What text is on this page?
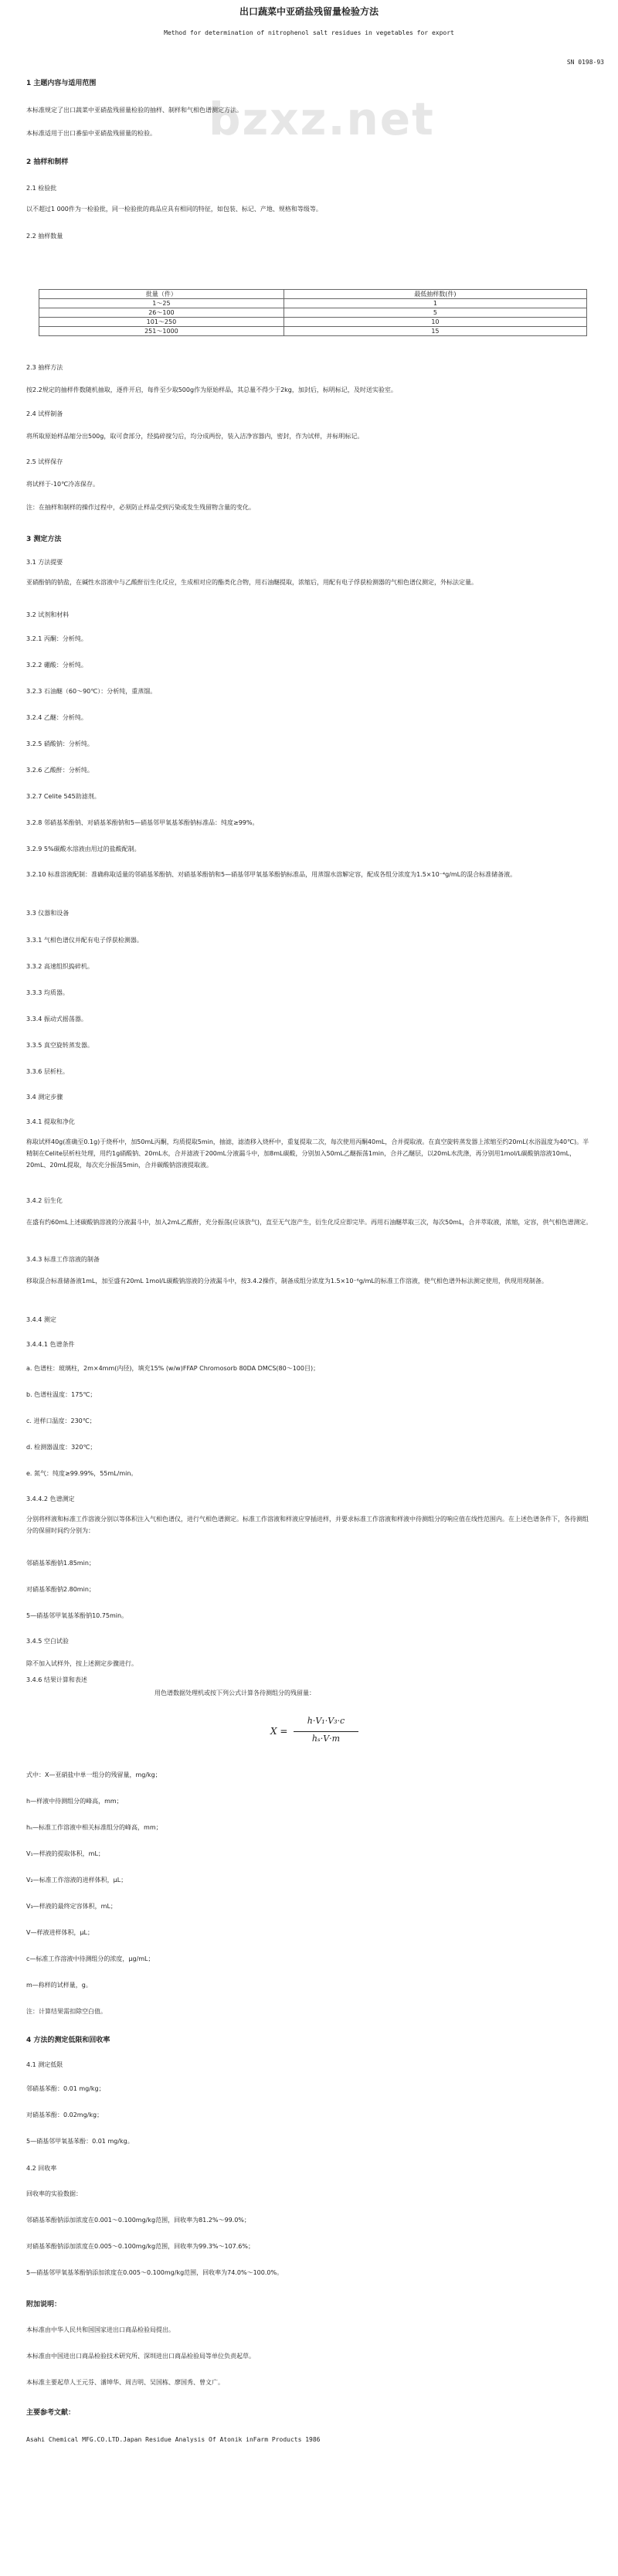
出口蔬菜中亚硝盐残留量检验方法
Method for determination of nitrophenol salt residues in vegetables for export
SN 0198-93
bzxz.net
1 主题内容与适用范围
本标准规定了出口蔬菜中亚硝盐残留量检验的抽样、制样和气相色谱测定方法。
本标准适用于出口番茄中亚硝盐残留量的检验。
2 抽样和制样
2.1 检验批
以不超过1 000件为一检验批，同一检验批的商品应具有相同的特征，如包装、标记、产地、规格和等级等。
2.2 抽样数量
批量（件）	最低抽样数(件)
1～25	1
26～100	5
101～250	10
251～1000	15
2.3 抽样方法
按2.2规定的抽样件数随机抽取，逐件开启，每件至少取500g作为原始样品，其总量不得少于2kg，加封后，标明标记，及时送实验室。
2.4 试样制备
将所取原始样品缩分出500g，取可食部分，经捣碎搅匀后，均分成两份，装入洁净容器内，密封，作为试样，并标明标记。
2.5 试样保存
将试样于-10℃冷冻保存。
注：在抽样和制样的操作过程中，必须防止样品受到污染或发生残留物含量的变化。
3 测定方法
3.1 方法提要
亚硝酚钠的钠盐，在碱性水溶液中与乙酸酐衍生化反应，生成相对应的酯类化合物，用石油醚提取，浓缩后，用配有电子俘获检测器的气相色谱仪测定，外标法定量。
3.2 试剂和材料
3.2.1 丙酮：分析纯。
3.2.2 硼酸：分析纯。
3.2.3 石油醚（60～90℃）：分析纯，重蒸馏。
3.2.4 乙醚：分析纯。
3.2.5 硝酸钠：分析纯。
3.2.6 乙酸酐：分析纯。
3.2.7 Celite 545助滤剂。
3.2.8 邻硝基苯酚钠、对硝基苯酚钠和5—硝基邻甲氧基苯酚钠标准品：纯度≥99%。
3.2.9 5%碳酸水溶液由用过的盐酸配制。
3.2.10 标准溶液配制：准确称取适量的邻硝基苯酚钠、对硝基苯酚钠和5—硝基邻甲氧基苯酚钠标准品，用蒸馏水溶解定容，配成各组分浓度为1.5×10⁻⁴g/mL的混合标准储备液。
3.3 仪器和设备
3.3.1 气相色谱仪并配有电子俘获检测器。
3.3.2 高速组织捣碎机。
3.3.3 均质器。
3.3.4 振动式摇荡器。
3.3.5 真空旋转蒸发器。
3.3.6 层析柱。
3.4 测定步骤
3.4.1 提取和净化
称取试样40g(准确至0.1g)于烧杯中，加50mL丙酮，均质提取5min，抽滤，滤渣移入烧杯中，重复提取二次，每次使用丙酮40mL，合并提取液。在真空旋转蒸发器上浓缩至约20mL(水浴温度为40℃)。半精制在Celite层析柱处理，用约1g硝酸钠、20mL水，合并滤液于200mL分液漏斗中，加8mL碳酸，分别加入50mL乙醚振荡1min，合并乙醚层，以20mL水洗涤，再分别用1mol/L碳酸钠溶液10mL，20mL、20mL提取，每次充分振荡5min，合并碳酸钠溶液提取液。
3.4.2 衍生化
在盛有约60mL上述碳酸钠溶液的分液漏斗中，加入2mL乙酸酐，充分振荡(应该放气)，直至无气泡产生，衍生化反应即完毕。再用石油醚萃取三次，每次50mL，合并萃取液，浓缩，定容，供气相色谱测定。
3.4.3 标准工作溶液的制备
移取混合标准储备液1mL，加至盛有20mL 1mol/L碳酸钠溶液的分液漏斗中，按3.4.2操作，制备成组分浓度为1.5×10⁻⁶g/mL的标准工作溶液，使气相色谱外标法测定使用，供现用现制备。
3.4.4 测定
3.4.4.1 色谱条件
a. 色谱柱：玻璃柱，2m×4mm(内径)，填充15% (w/w)FFAP Chromosorb 80DA DMCS(80～100目)；
b. 色谱柱温度：175℃；
c. 进样口温度：230℃；
d. 检测器温度：320℃；
e. 氮气：纯度≥99.99%，55mL/min。
3.4.4.2 色谱测定
分别将样液和标准工作溶液分别以等体积注入气相色谱仪，进行气相色谱测定。标准工作溶液和样液应穿插进样，并要求标准工作溶液和样液中待测组分的响应值在线性范围内。在上述色谱条件下，各待测组分的保留时间约分别为：
邻硝基苯酚钠1.85min；
对硝基苯酚钠2.80min；
5—硝基邻甲氧基苯酚钠10.75min。
3.4.5 空白试验
除不加入试样外，按上述测定步骤进行。
3.4.6 结果计算和表述
用色谱数据处理机或按下列公式计算各待测组分的残留量：
X =
h·V₁·V₃·c
hₛ·V·m
式中：X—亚硝盐中单一组分的残留量，mg/kg；
h—样液中待测组分的峰高，mm；
hₛ—标准工作溶液中相关标准组分的峰高，mm；
V₁—样液的提取体积，mL；
V₂—标准工作溶液的进样体积，μL；
V₃—样液的最终定容体积，mL；
V—样液进样体积，μL；
c—标准工作溶液中待测组分的浓度，μg/mL；
m—称样的试样量，g。
注：计算结果需扣除空白值。
4 方法的测定低限和回收率
4.1 测定低限
邻硝基苯酚：0.01 mg/kg；
对硝基苯酚：0.02mg/kg；
5—硝基邻甲氧基苯酚：0.01 mg/kg。
4.2 回收率
回收率的实验数据：
邻硝基苯酚钠添加浓度在0.001～0.100mg/kg范围，回收率为81.2%～99.0%；
对硝基苯酚钠添加浓度在0.005～0.100mg/kg范围，回收率为99.3%～107.6%；
5—硝基邻甲氧基苯酚钠添加浓度在0.005～0.100mg/kg范围，回收率为74.0%～100.0%。
附加说明：
本标准由中华人民共和国国家进出口商品检验局提出。
本标准由中国进出口商品检验技术研究所、深圳进出口商品检验局等单位负责起草。
本标准主要起草人王元芬、潘坤华、周吉明、吴国栋、廖国秀、曾文广。
主要参考文献：
Asahi Chemical MFG.CO.LTD.Japan Residue Analysis Of Atonik inFarm Products 1986
